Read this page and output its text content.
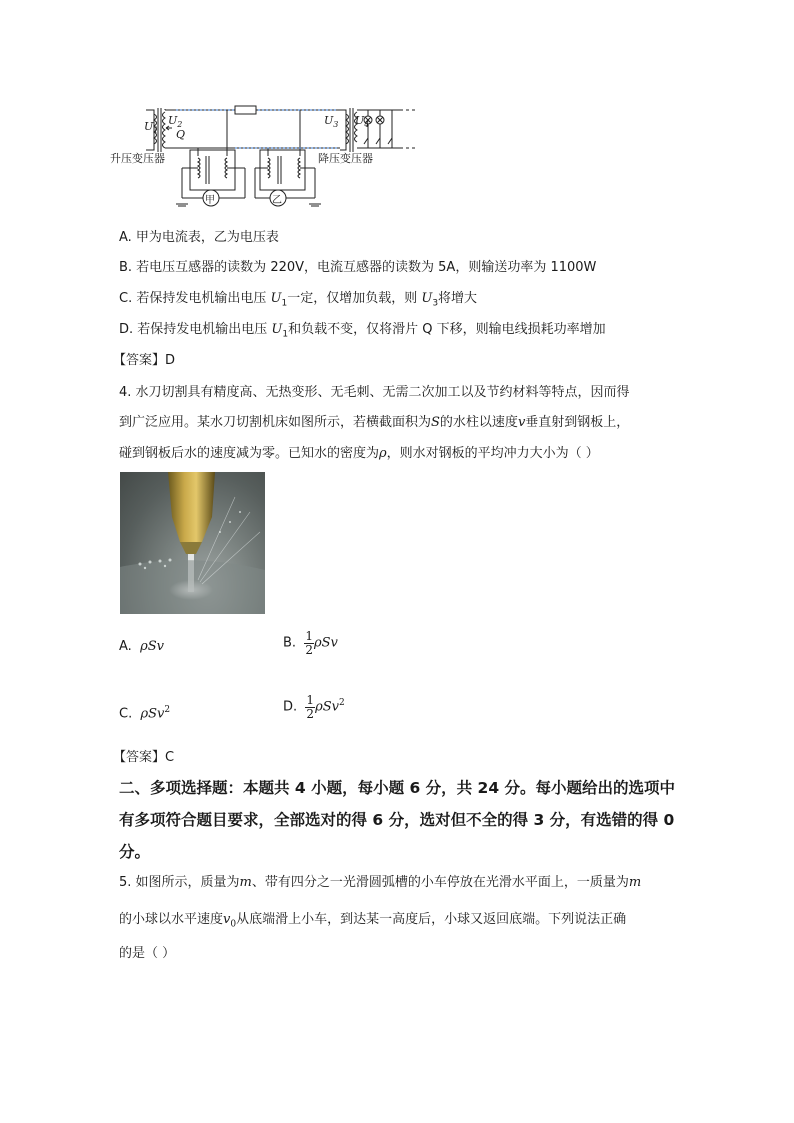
$U_1$
$U_2$
Q
$U_3$ $U_4$
升压变压器	降压变压器
甲	乙
A. 甲为电流表，乙为电压表
B. 若电压互感器的读数为 220V，电流互感器的读数为 5A，则输送功率为 1100W
C. 若保持发电机输出电压 $U_1$一定，仅增加负载，则 $U_3$将增大
D. 若保持发电机输出电压 $U_1$和负载不变，仅将滑片 Q 下移，则输电线损耗功率增加
【答案】D
4. 水刀切割具有精度高、无热变形、无毛刺、无需二次加工以及节约材料等特点，因而得
到广泛应用。某水刀切割机床如图所示，若横截面积为S的水柱以速度v垂直射到钢板上，
碰到钢板后水的速度减为零。已知水的密度为ρ，则水对钢板的平均冲力大小为（ ）
A. ρSv	B. $\frac{1}{2}$ ρSv
C. ρSv$^2$	D. $\frac{1}{2} \rho Sv^2$
【答案】C
二、多项选择题：本题共 4 小题，每小题 6 分，共 24 分。每小题给出的选项中
有多项符合题目要求，全部选对的得 6 分，选对但不全的得 3 分，有选错的得 0
分。
5. 如图所示，质量为m、带有四分之一光滑圆弧槽的小车停放在光滑水平面上，一质量为m
的小球以水平速度$v_0$从底端滑上小车，到达某一高度后，小球又返回底端。下列说法正确
的是（ ）
